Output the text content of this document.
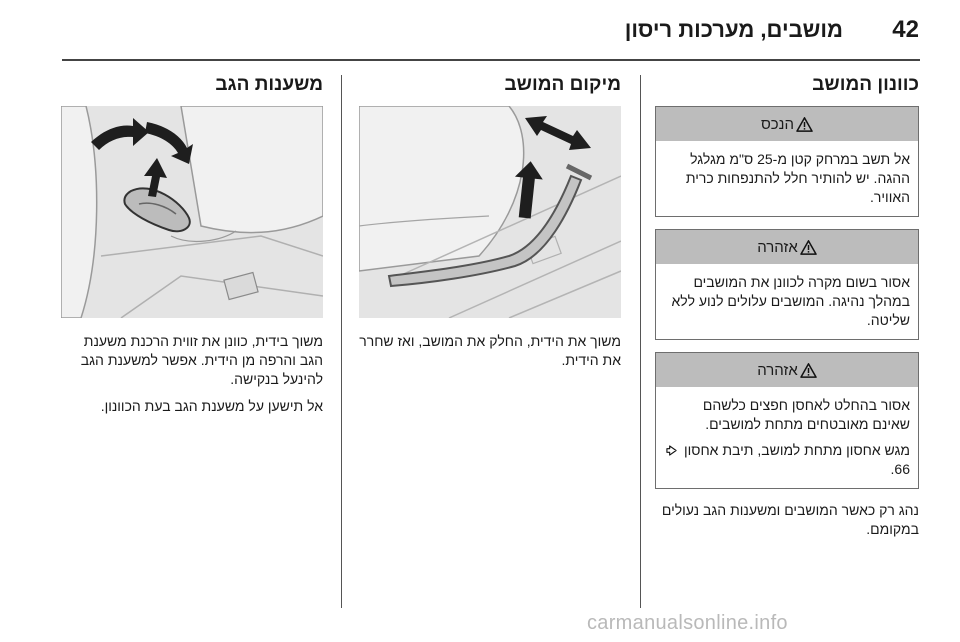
42
מושבים, מערכות ריסון
כוונון המושב
הנכס

אל תשב במרחק קטן מ-25 ס"מ מגלגל ההגה. יש להותיר חלל להתנפחות כרית האוויר.

אזהרה

אסור בשום מקרה לכוונן את המושבים במהלך נהיגה. המושבים עלולים לנוע ללא שליטה.

אזהרה

אסור בהחלט לאחסן חפצים כלשהם שאינם מאובטחים מתחת למושבים.

מגש אחסון מתחת למושב, תיבת אחסון  66.

נהג רק כאשר המושבים ומשענות הגב נעולים במקומם.

מיקום המושב

משוך את הידית, החלק את המושב, ואז שחרר את הידית.

משענות הגב

משוך בידית, כוונן את זווית הרכנת משענת הגב והרפה מן הידית. אפשר למשענת הגב להינעל בנקישה.

אל תישען על משענת הגב בעת הכוונון.

carmanualsonline.info
